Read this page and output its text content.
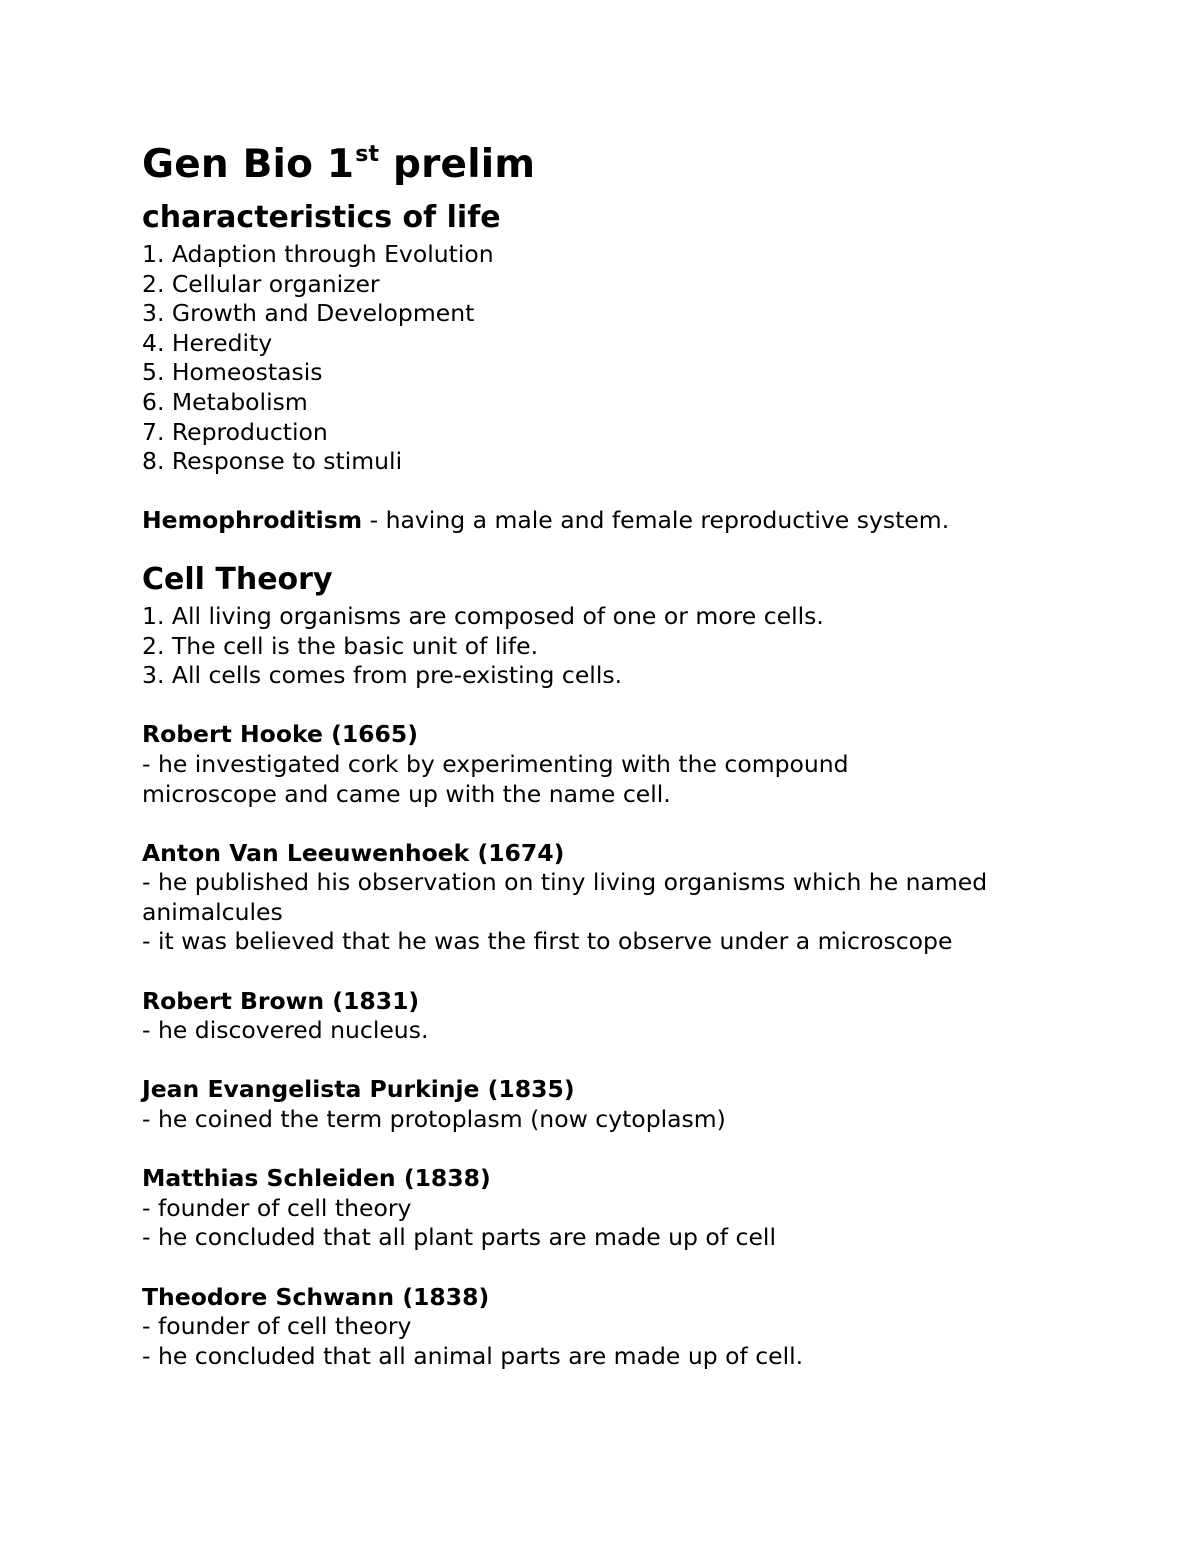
Gen Bio 1st prelim
characteristics of life
1. Adaption through Evolution
2. Cellular organizer
3. Growth and Development
4. Heredity
5. Homeostasis
6. Metabolism
7. Reproduction
8. Response to stimuli

Hemophroditism - having a male and female reproductive system.

Cell Theory
1. All living organisms are composed of one or more cells.
2. The cell is the basic unit of life.
3. All cells comes from pre-existing cells.

Robert Hooke (1665)

- he investigated cork by experimenting with the compound

microscope and came up with the name cell.

Anton Van Leeuwenhoek (1674)

- he published his observation on tiny living organisms which he named

animalcules

- it was believed that he was the first to observe under a microscope

Robert Brown (1831)

- he discovered nucleus.

Jean Evangelista Purkinje (1835)

- he coined the term protoplasm (now cytoplasm)

Matthias Schleiden (1838)

- founder of cell theory

- he concluded that all plant parts are made up of cell

Theodore Schwann (1838)

- founder of cell theory

- he concluded that all animal parts are made up of cell.
